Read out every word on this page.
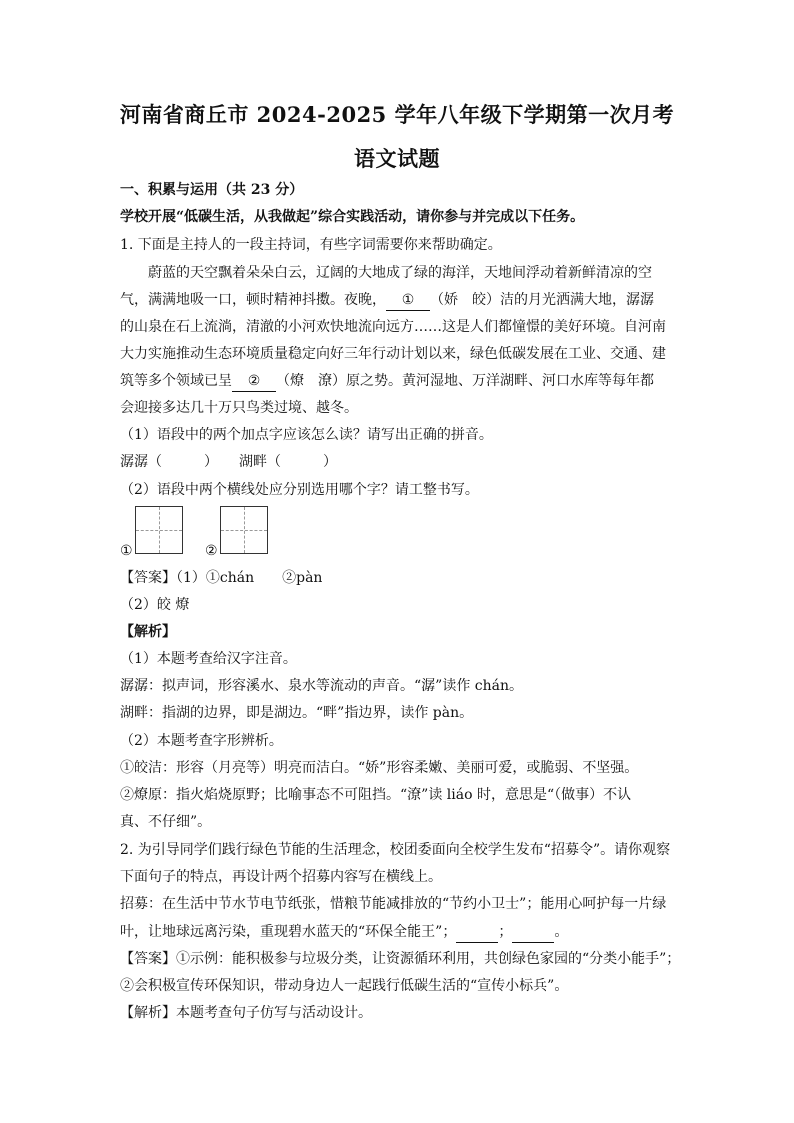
河南省商丘市 2024-2025 学年八年级下学期第一次月考
语文试题
一、积累与运用（共 23 分）
学校开展“低碳生活，从我做起”综合实践活动，请你参与并完成以下任务。
1. 下面是主持人的一段主持词，有些字词需要你来帮助确定。
蔚蓝的天空飘着朵朵白云，辽阔的大地成了绿的海洋，天地间浮动着新鲜清凉的空
气，满满地吸一口，顿时精神抖擞。夜晚， ① （娇　皎）洁的月光洒满大地，潺潺
的山泉在石上流淌，清澈的小河欢快地流向远方……这是人们都憧憬的美好环境。自河南
大力实施推动生态环境质量稳定向好三年行动计划以来，绿色低碳发展在工业、交通、建
筑等多个领域已呈 ② （燎　潦）原之势。黄河湿地、万洋湖畔、河口水库等每年都
会迎接多达几十万只鸟类过境、越冬。
（1）语段中的两个加点字应该怎么读？请写出正确的拼音。
潺潺（　　　）　　湖畔（　　　）
（2）语段中两个横线处应分别选用哪个字？请工整书写。
①	②
【答案】（1）①chán　　②pàn
（2）皎 燎
【解析】
（1）本题考查给汉字注音。
潺潺：拟声词，形容溪水、泉水等流动的声音。“潺”读作 chán。
湖畔：指湖的边界，即是湖边。“畔”指边界，读作 pàn。
（2）本题考查字形辨析。
①皎洁：形容（月亮等）明亮而洁白。“娇”形容柔嫩、美丽可爱，或脆弱、不坚强。
②燎原：指火焰烧原野；比喻事态不可阻挡。“潦”读 liáo 时，意思是“（做事）不认
真、不仔细”。
2. 为引导同学们践行绿色节能的生活理念，校团委面向全校学生发布“招募令”。请你观察
下面句子的特点，再设计两个招募内容写在横线上。
招募：在生活中节水节电节纸张，惜粮节能减排放的“节约小卫士”；能用心呵护每一片绿
叶，让地球远离污染，重现碧水蓝天的“环保全能王”；	；	。
【答案】①示例：能积极参与垃圾分类，让资源循环利用，共创绿色家园的“分类小能手”；
②会积极宣传环保知识，带动身边人一起践行低碳生活的“宣传小标兵”。
【解析】本题考查句子仿写与活动设计。
